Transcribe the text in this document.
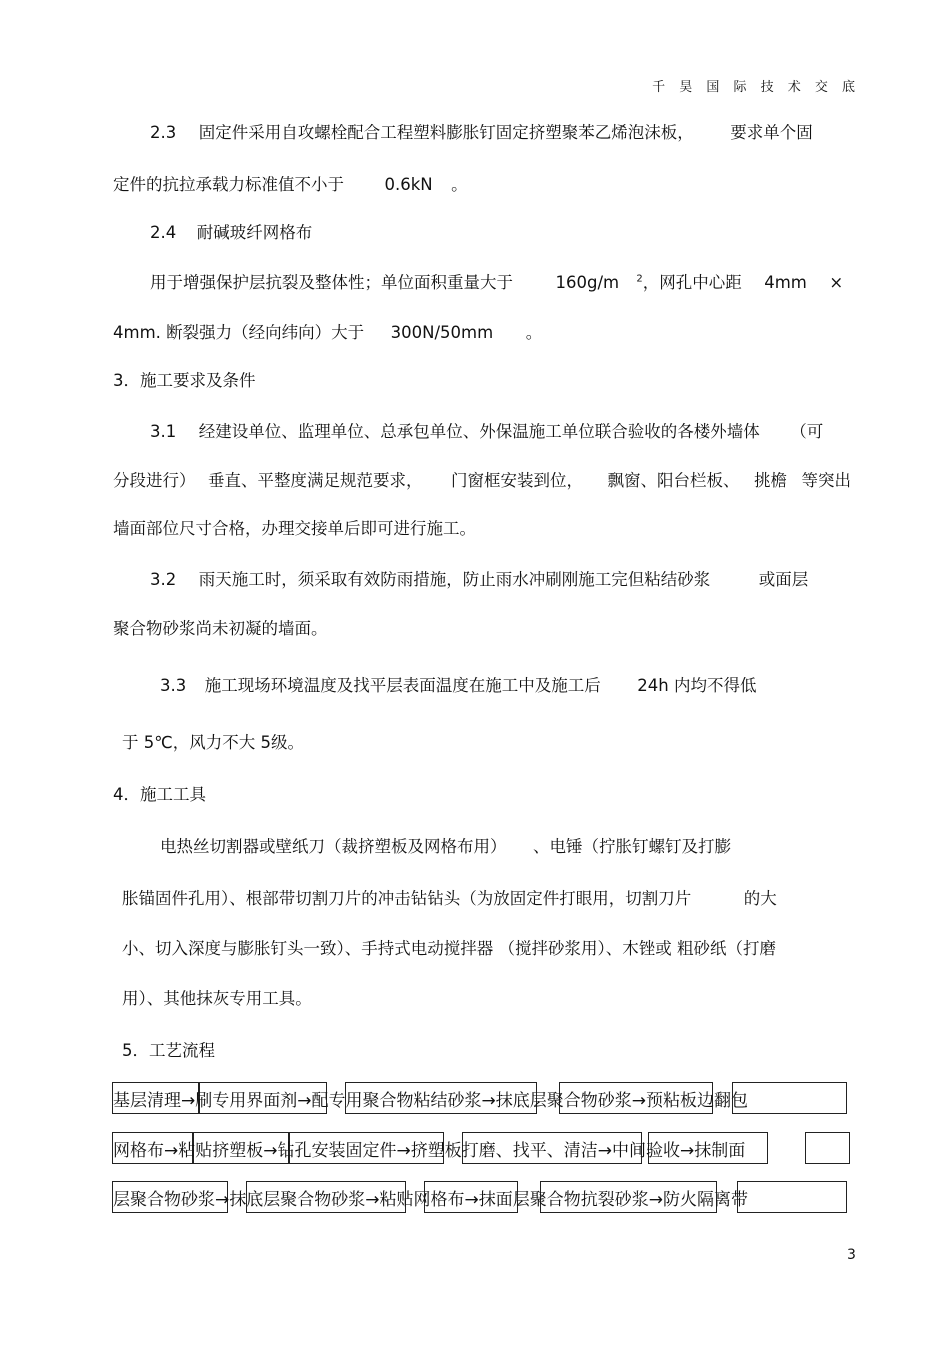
千 昊 国 际 技 术 交 底
2.3 固定件采用自攻螺栓配合工程塑料膨胀钉固定挤塑聚苯乙烯泡沫板， 要求单个固
定件的抗拉承载力标准值不小于 0.6kN 。
2.4 耐碱玻纤网格布
用于增强保护层抗裂及整体性；单位面积重量大于	160g/m $^2$，网孔中心距 4mm ×
4mm. 断裂强力（经向纬向）大于 300N/50mm 。
3．施工要求及条件
3.1 经建设单位、监理单位、总承包单位、外保温施工单位联合验收的各楼外墙体 （可
分段进行） 垂直、平整度满足规范要求， 门窗框安装到位， 飘窗、阳台栏板、 挑檐 等突出
墙面部位尺寸合格，办理交接单后即可进行施工。
3.2 雨天施工时，须采取有效防雨措施，防止雨水冲刷刚施工完但粘结砂浆	或面层
聚合物砂浆尚未初凝的墙面。
3.3 施工现场环境温度及找平层表面温度在施工中及施工后 24h 内均不得低
于 5℃，风力不大 5级。
4．施工工具
电热丝切割器或壁纸刀（裁挤塑板及网格布用） 、电锤（拧胀钉螺钉及打膨
胀锚固件孔用）、根部带切割刀片的冲击钻钻头（为放固定件打眼用，切割刀片	的大
小、切入深度与膨胀钉头一致）、手持式电动搅拌器 （搅拌砂浆用）、木锉或 粗砂纸（打磨
用）、其他抹灰专用工具。
5．工艺流程
基层清理→刷专用界面剂→配专用聚合物粘结砂浆→抹底层聚合物砂浆→预粘板边翻包
网格布→粘贴挤塑板→钻孔安装固定件→挤塑板打磨、找平、清洁→中间验收→抹制面
层聚合物砂浆→抹底层聚合物砂浆→粘贴网格布→抹面层聚合物抗裂砂浆→防火隔离带
3
